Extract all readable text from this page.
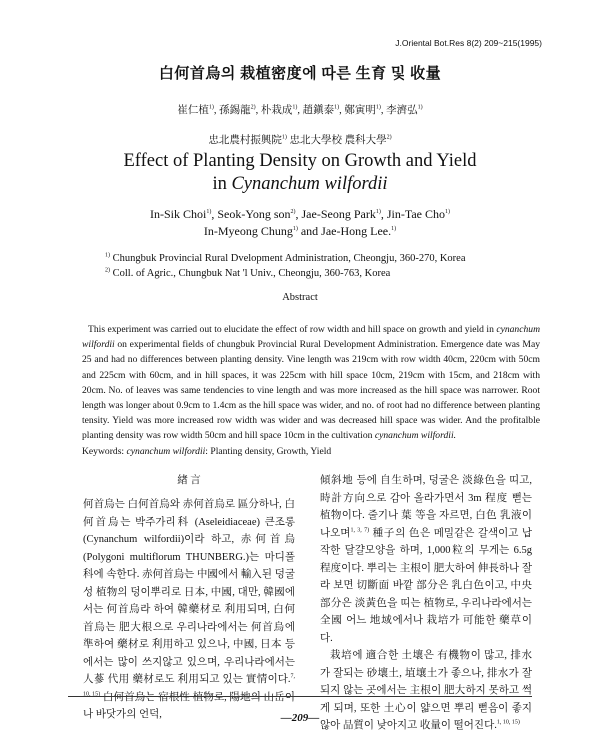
J.Oriental Bot.Res 8(2) 209~215(1995)
白何首烏의 栽植密度에 따른 生育 및 收量
崔仁植$^{1)}$, 孫錫龍$^{2)}$, 朴栽成$^{1)}$, 趙鎭泰$^{1)}$, 鄭寅明$^{1)}$, 李濟弘$^{1)}$
忠北農村振興院$^{1)}$ 忠北大學校 農科大學$^{2)}$
Effect of Planting Density on Growth and Yield
in Cynanchum wilfordii
In-Sik Choi$^{1)}$, Seok-Yong son$^{2)}$, Jae-Seong Park$^{1)}$, Jin-Tae Cho$^{1)}$
In-Myeong Chung$^{1)}$ and Jae-Hong Lee.$^{1)}$
$^{1)}$ Chungbuk Provincial Rural Dvelopment Administration, Cheongju, 360-270, Korea
$^{2)}$ Coll. of Agric., Chungbuk Nat 'l Univ., Cheongju, 360-763, Korea
Abstract

This experiment was carried out to elucidate the effect of row width and hill space on growth and yield in cynanchum wilfordii on experimental fields of chungbuk Provincial Rural Development Administration. Emergence date was May 25 and had no differences between planting density. Vine length was 219cm with row width 40cm, 220cm with 50cm and 225cm with 60cm, and in hill spaces, it was 225cm with hill space 10cm, 219cm with 15cm, and 218cm with 20cm. No. of leaves was same tendencies to vine length and was more increased as the hill space was narrower. Root length was longer about 0.9cm to 1.4cm as the hill space was wider, and no. of root had no difference between planting tensity. Yield was more increased row width was wider and was decreased hill space was wider. And the profitalble planting density was row width 50cm and hill space 10cm in the cultivation cynanchum wilfordii.

Keywords: cynanchum wilfordii: Planting density, Growth, Yield
緖 言

何首烏는 白何首烏와 赤何首烏로 區分하나, 白何首烏는 박주가리科 (Aseleidiaceae) 큰조롱 (Cynanchum wilfordii)이라 하고, 赤何首烏 (Polygoni multiflorum THUNBERG.)는 마디풀科에 속한다. 赤何首烏는 中國에서 輸入된 덩굴성 植物의 덩이뿌리로 日本, 中國, 대만, 韓國에서는 何首烏라 하여 韓藥材로 利用되며, 白何首烏는 肥大根으로 우리나라에서는 何首烏에 準하여 藥材로 利用하고 있으나, 中國, 日本 등에서는 많이 쓰지않고 있으며, 우리나라에서는 人蔘 代用 藥材로도 利用되고 있는 實情이다.$^{7, 10, 15)}$ 白何首烏는 宿根性 植物로, 陽地의 山岳이나 바닷가의 언덕,

傾斜地 등에 自生하며, 덩굴은 淡綠色을 띠고, 時計方向으로 감아 올라가면서 3m 程度 뻗는 植物이다. 줄기나 葉 等을 자르면, 白色 乳液이 나오며$^{1, 3, 7)}$ 種子의 色은 메밀같은 갈색이고 납작한 달걀모양을 하며, 1,000粒의 무게는 6.5g 程度이다. 뿌리는 主根이 肥大하여 伸長하나 잘라 보면 切斷面 바깥 部分은 乳白色이고, 中央 部分은 淡黃色을 띠는 植物로, 우리나라에서는 全國 어느 地域에서나 栽培가 可能한 藥草이다.

栽培에 適合한 土壤은 有機物이 많고, 排水가 잘되는 砂壤土, 埴壤土가 좋으나, 排水가 잘 되지 않는 곳에서는 主根이 肥大하지 못하고 썩게 되며, 또한 土心이 얇으면 뿌리 뻗음이 좋지 않아 品質이 낮아지고 收量이 떨어진다.$^{1, 10, 15)}$

—209—
